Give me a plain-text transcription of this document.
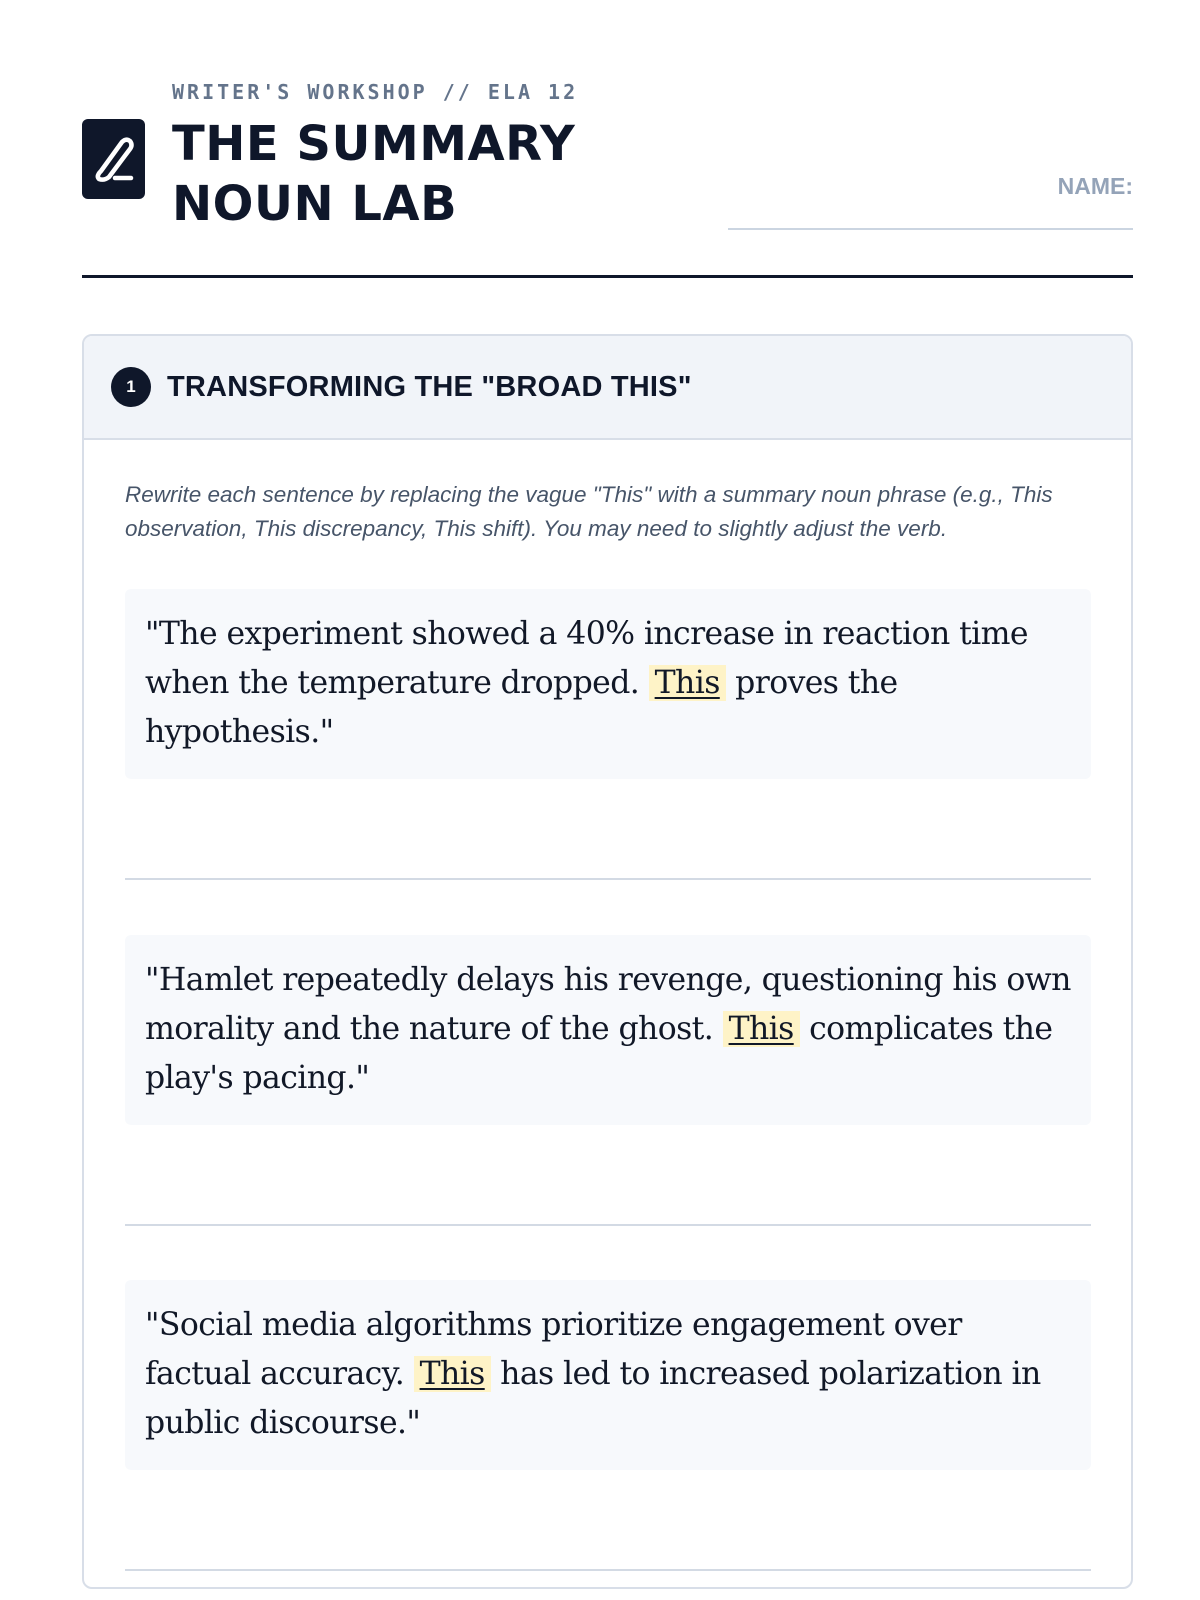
WRITER'S WORKSHOP // ELA 12
THE SUMMARY NOUN LAB	NAME:
1	TRANSFORMING THE "BROAD THIS"

Rewrite each sentence by replacing the vague "This" with a summary noun phrase (e.g., This observation, This discrepancy, This shift). You may need to slightly adjust the verb.

"The experiment showed a 40% increase in reaction time when the temperature dropped. This proves the hypothesis."
"Hamlet repeatedly delays his revenge, questioning his own morality and the nature of the ghost. This complicates the play's pacing."
"Social media algorithms prioritize engagement over factual accuracy. This has led to increased polarization in public discourse."
